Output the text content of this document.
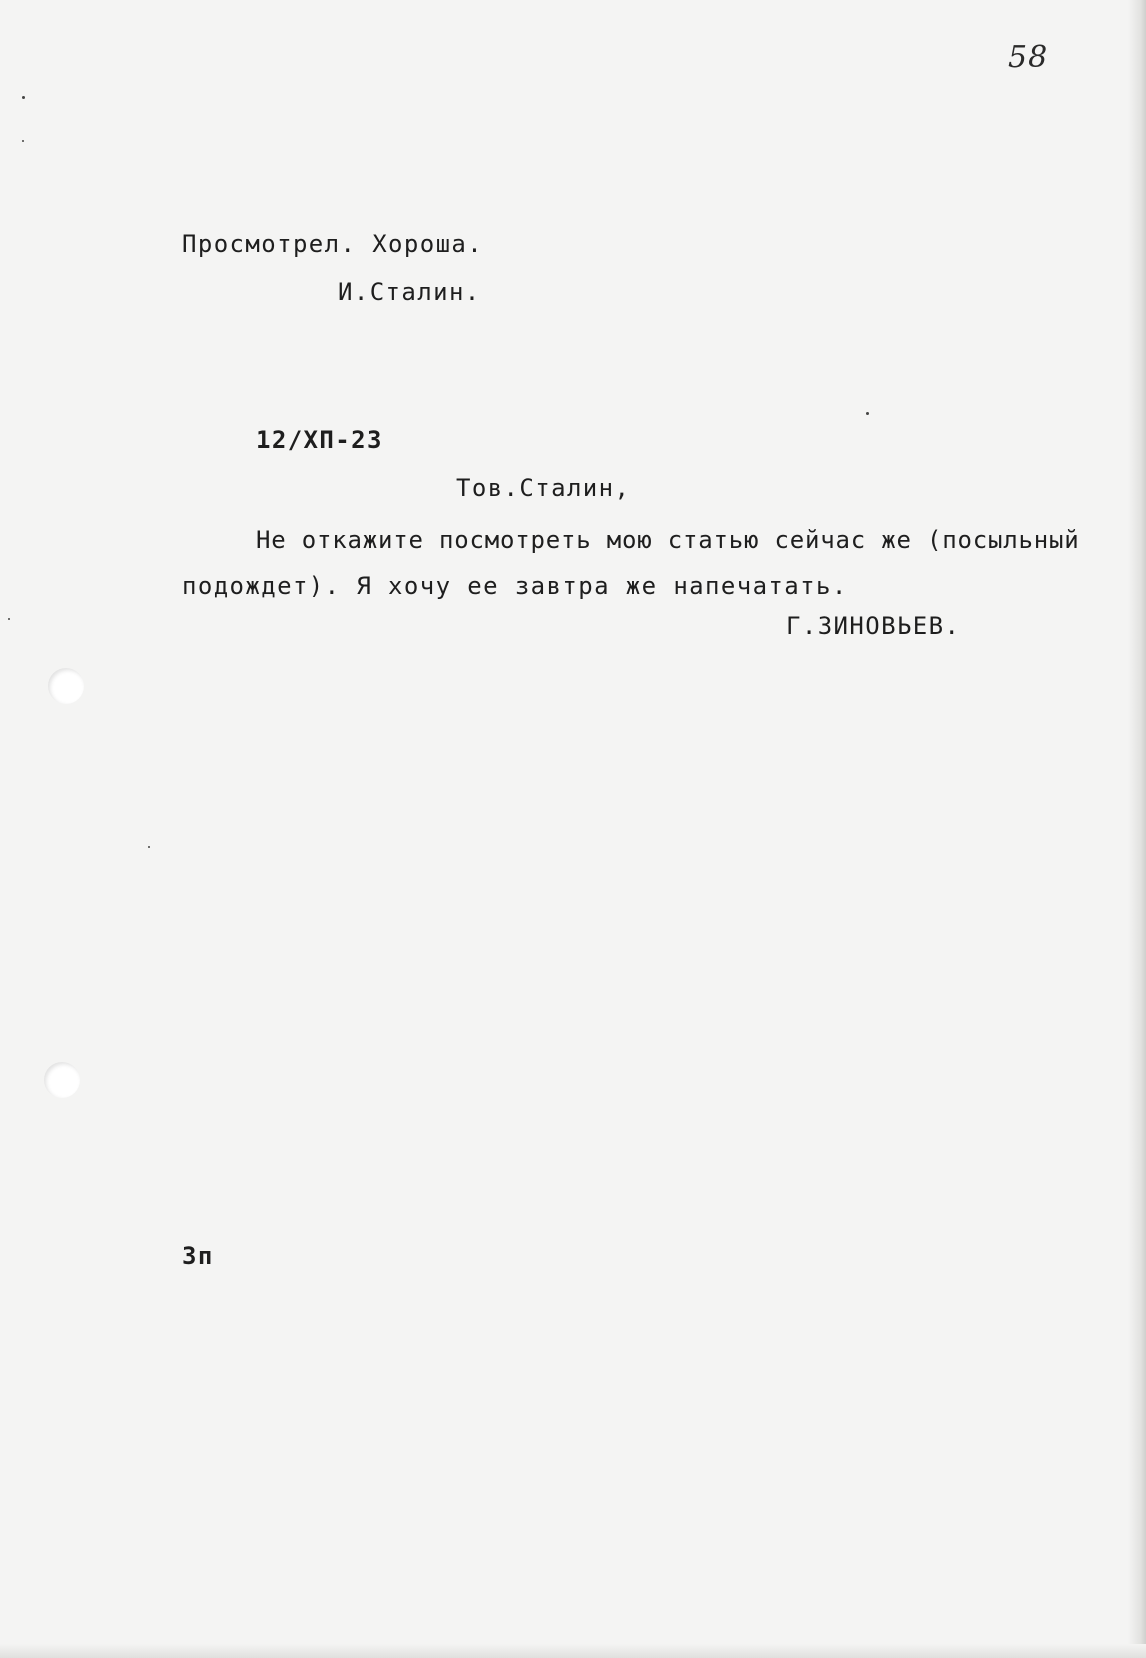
58
Просмотрел. Хороша.
И.Сталин.
12/ХП-23
Тов.Сталин,
Не откажите посмотреть мою статью сейчас же (посыльный
подождет). Я хочу ее завтра же напечатать.
Г.ЗИНОВЬЕВ.
3п
